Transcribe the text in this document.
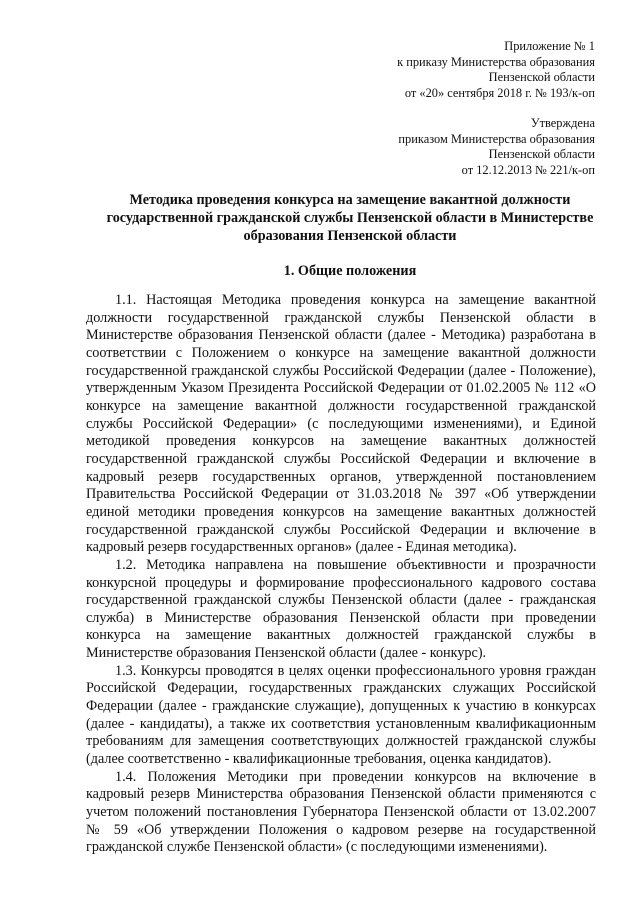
Приложение № 1
к приказу Министерства образования
Пензенской области
от «20» сентября 2018 г. № 193/к-оп
Утверждена
приказом Министерства образования
Пензенской области
от 12.12.2013 № 221/к-оп
Методика проведения конкурса на замещение вакантной должности государственной гражданской службы Пензенской области в Министерстве образования Пензенской области
1. Общие положения

1.1. Настоящая Методика проведения конкурса на замещение вакантной должности государственной гражданской службы Пензенской области в Министерстве образования Пензенской области (далее - Методика) разработана в соответствии с Положением о конкурсе на замещение вакантной должности государственной гражданской службы Российской Федерации (далее - Положение), утвержденным Указом Президента Российской Федерации от 01.02.2005 № 112 «О конкурсе на замещение вакантной должности государственной гражданской службы Российской Федерации» (с последующими изменениями), и Единой методикой проведения конкурсов на замещение вакантных должностей государственной гражданской службы Российской Федерации и включение в кадровый резерв государственных органов, утвержденной постановлением Правительства Российской Федерации от 31.03.2018 № 397 «Об утверждении единой методики проведения конкурсов на замещение вакантных должностей государственной гражданской службы Российской Федерации и включение в кадровый резерв государственных органов» (далее - Единая методика).

1.2. Методика направлена на повышение объективности и прозрачности конкурсной процедуры и формирование профессионального кадрового состава государственной гражданской службы Пензенской области (далее - гражданская служба) в Министерстве образования Пензенской области при проведении конкурса на замещение вакантных должностей гражданской службы в Министерстве образования Пензенской области (далее - конкурс).

1.3. Конкурсы проводятся в целях оценки профессионального уровня граждан Российской Федерации, государственных гражданских служащих Российской Федерации (далее - гражданские служащие), допущенных к участию в конкурсах (далее - кандидаты), а также их соответствия установленным квалификационным требованиям для замещения соответствующих должностей гражданской службы (далее соответственно - квалификационные требования, оценка кандидатов).

1.4. Положения Методики при проведении конкурсов на включение в кадровый резерв Министерства образования Пензенской области применяются с учетом положений постановления Губернатора Пензенской области от 13.02.2007 № 59 «Об утверждении Положения о кадровом резерве на государственной гражданской службе Пензенской области» (с последующими изменениями).
